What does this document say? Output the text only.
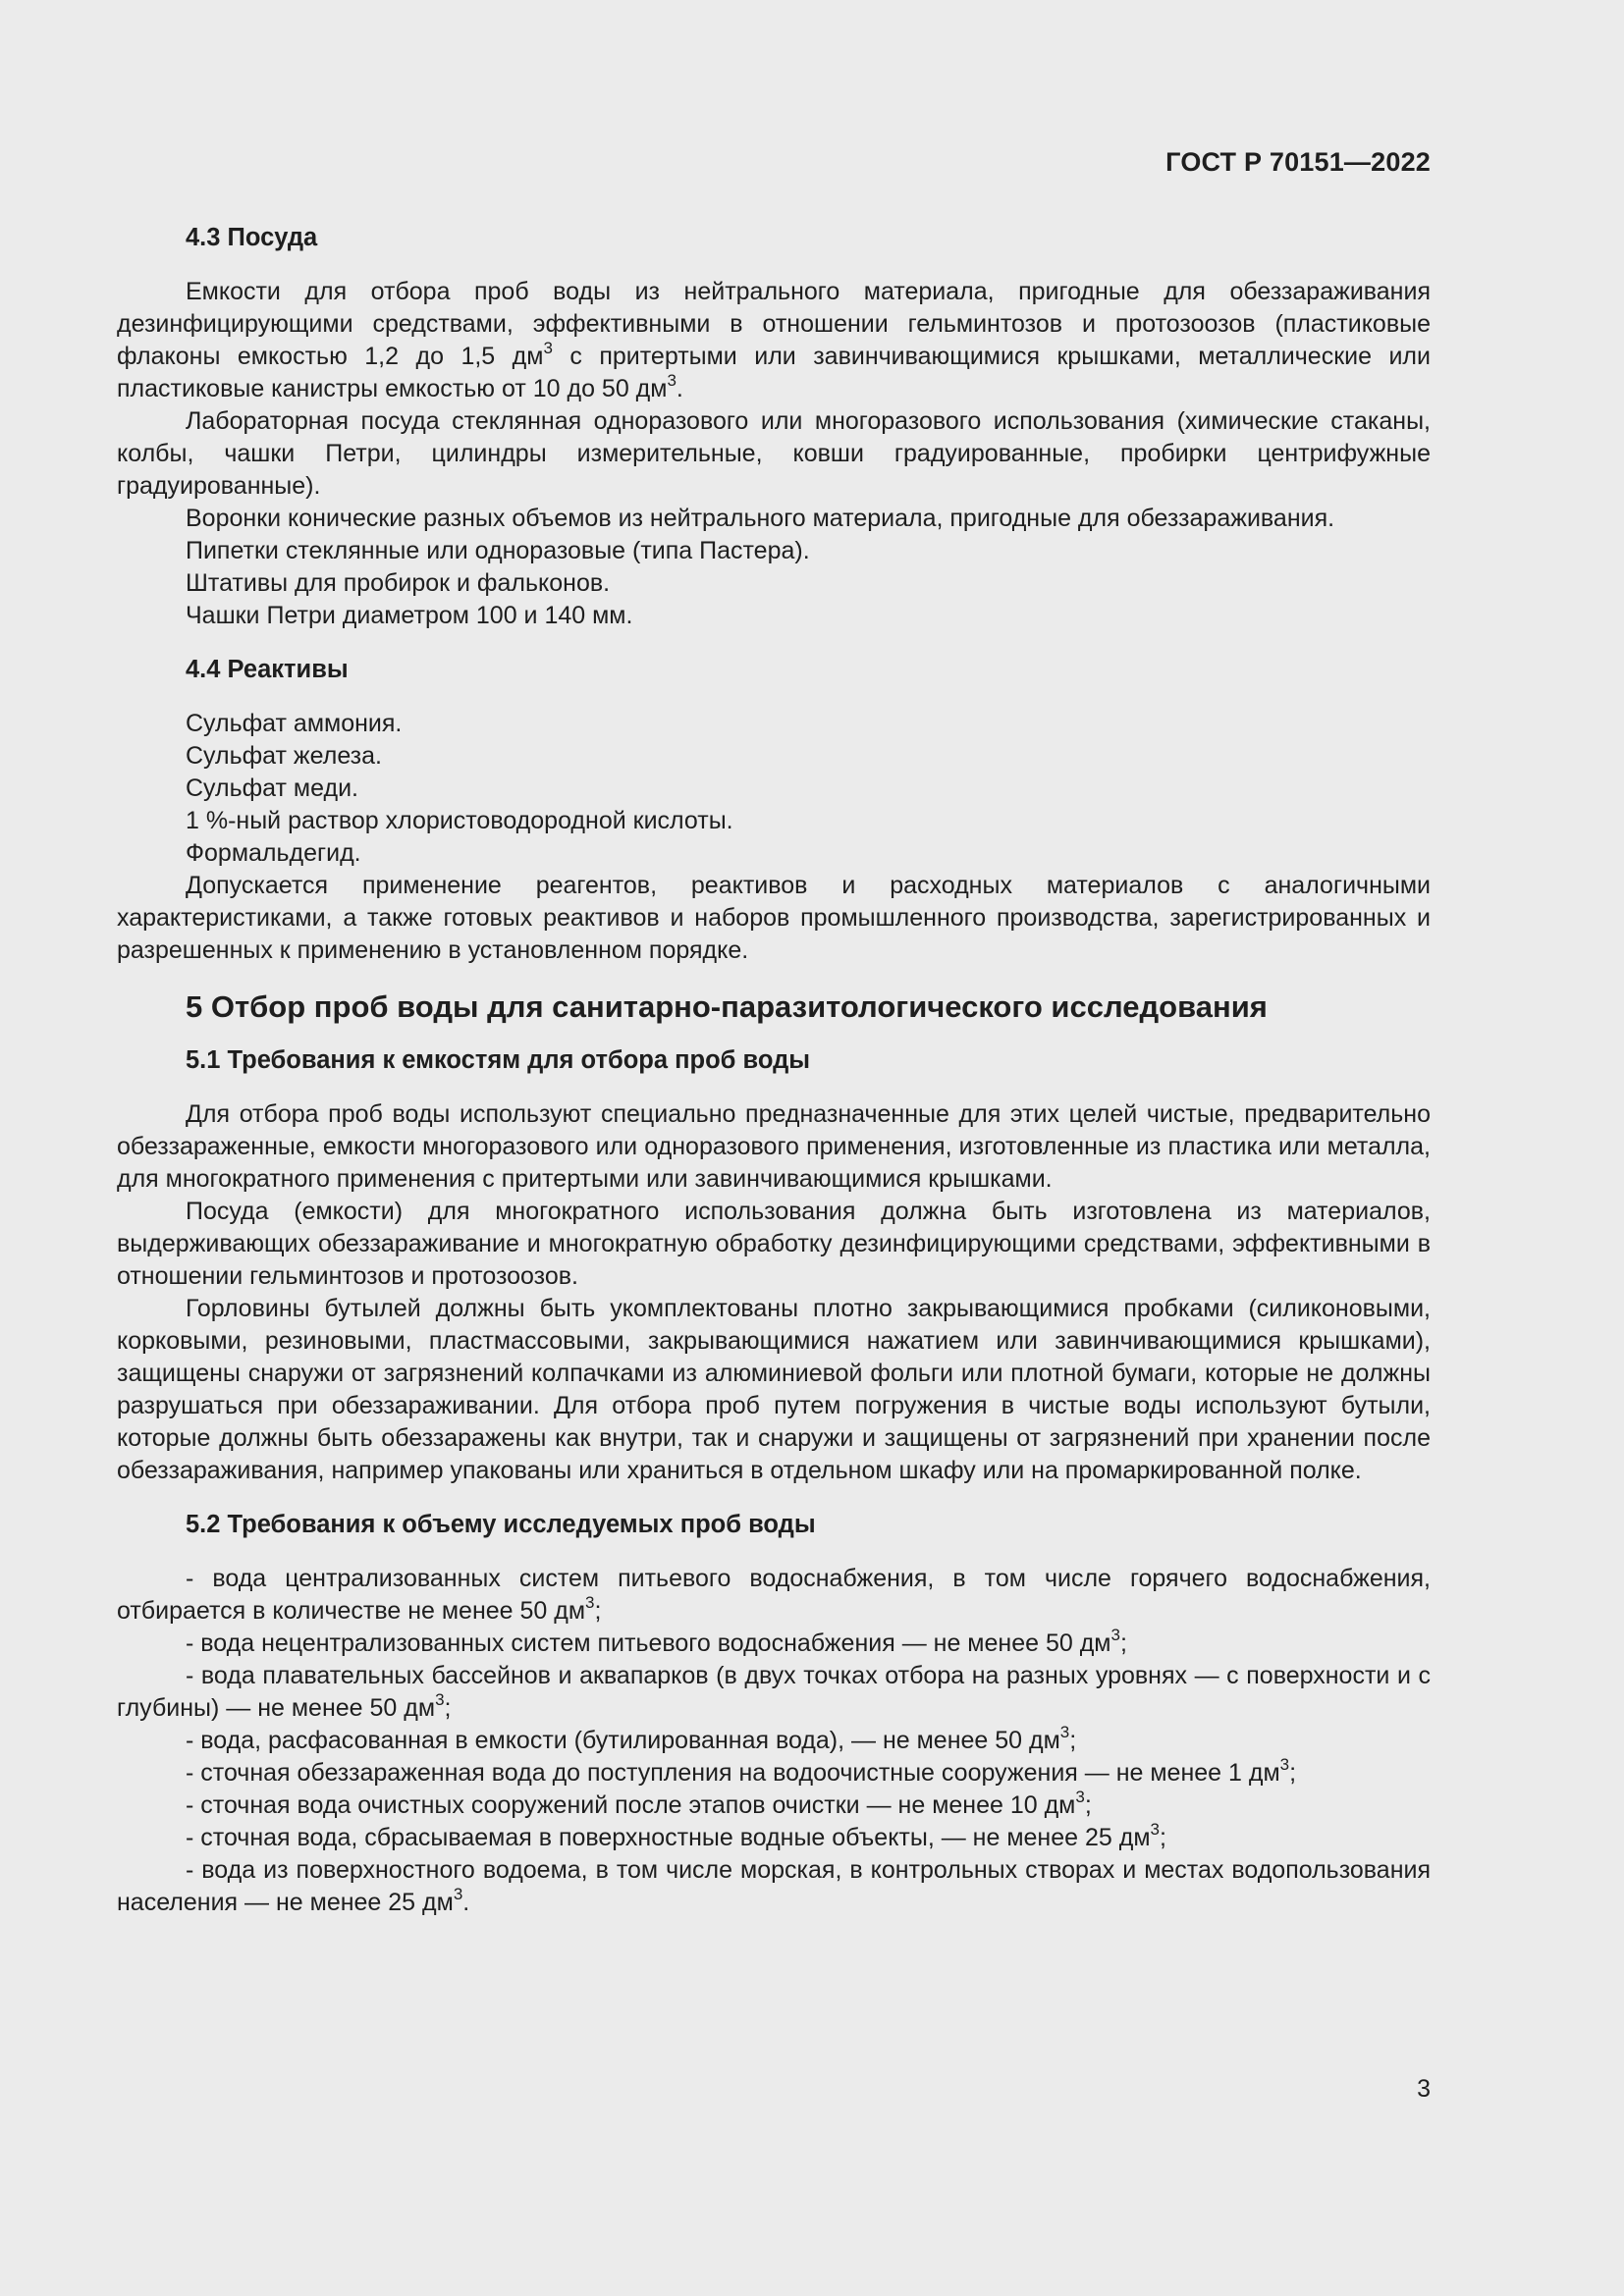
ГОСТ Р 70151—2022
4.3 Посуда

Емкости для отбора проб воды из нейтрального материала, пригодные для обеззараживания дезинфицирующими средствами, эффективными в отношении гельминтозов и протозоозов (пластиковые флаконы емкостью 1,2 до 1,5 $дм^3$ с притертыми или завинчивающимися крышками, металлические или пластиковые канистры емкостью от 10 до 50 $дм^3$.

Лабораторная посуда стеклянная одноразового или многоразового использования (химические стаканы, колбы, чашки Петри, цилиндры измерительные, ковши градуированные, пробирки центрифужные градуированные).

Воронки конические разных объемов из нейтрального материала, пригодные для обеззараживания.

Пипетки стеклянные или одноразовые (типа Пастера).

Штативы для пробирок и фальконов.

Чашки Петри диаметром 100 и 140 мм.

4.4 Реактивы

Сульфат аммония.

Сульфат железа.

Сульфат меди.

1 %-ный раствор хлористоводородной кислоты.

Формальдегид.

Допускается применение реагентов, реактивов и расходных материалов с аналогичными характеристиками, а также готовых реактивов и наборов промышленного производства, зарегистрированных и разрешенных к применению в установленном порядке.

5 Отбор проб воды для санитарно-паразитологического исследования
5.1 Требования к емкостям для отбора проб воды

Для отбора проб воды используют специально предназначенные для этих целей чистые, предварительно обеззараженные, емкости многоразового или одноразового применения, изготовленные из пластика или металла, для многократного применения с притертыми или завинчивающимися крышками.

Посуда (емкости) для многократного использования должна быть изготовлена из материалов, выдерживающих обеззараживание и многократную обработку дезинфицирующими средствами, эффективными в отношении гельминтозов и протозоозов.

Горловины бутылей должны быть укомплектованы плотно закрывающимися пробками (силиконовыми, корковыми, резиновыми, пластмассовыми, закрывающимися нажатием или завинчивающимися крышками), защищены снаружи от загрязнений колпачками из алюминиевой фольги или плотной бумаги, которые не должны разрушаться при обеззараживании. Для отбора проб путем погружения в чистые воды используют бутыли, которые должны быть обеззаражены как внутри, так и снаружи и защищены от загрязнений при хранении после обеззараживания, например упакованы или храниться в отдельном шкафу или на промаркированной полке.

5.2 Требования к объему исследуемых проб воды

- вода централизованных систем питьевого водоснабжения, в том числе горячего водоснабжения, отбирается в количестве не менее 50 $дм^3$;

- вода нецентрализованных систем питьевого водоснабжения — не менее 50 $дм^3$;

- вода плавательных бассейнов и аквапарков (в двух точках отбора на разных уровнях — с поверхности и с глубины) — не менее 50 $дм^3$;

- вода, расфасованная в емкости (бутилированная вода), — не менее 50 $дм^3$;

- сточная обеззараженная вода до поступления на водоочистные сооружения — не менее 1 $дм^3$;

- сточная вода очистных сооружений после этапов очистки — не менее 10 $дм^3$;

- сточная вода, сбрасываемая в поверхностные водные объекты, — не менее 25 $дм^3$;

- вода из поверхностного водоема, в том числе морская, в контрольных створах и местах водопользования населения — не менее 25 $дм^3$.

3
